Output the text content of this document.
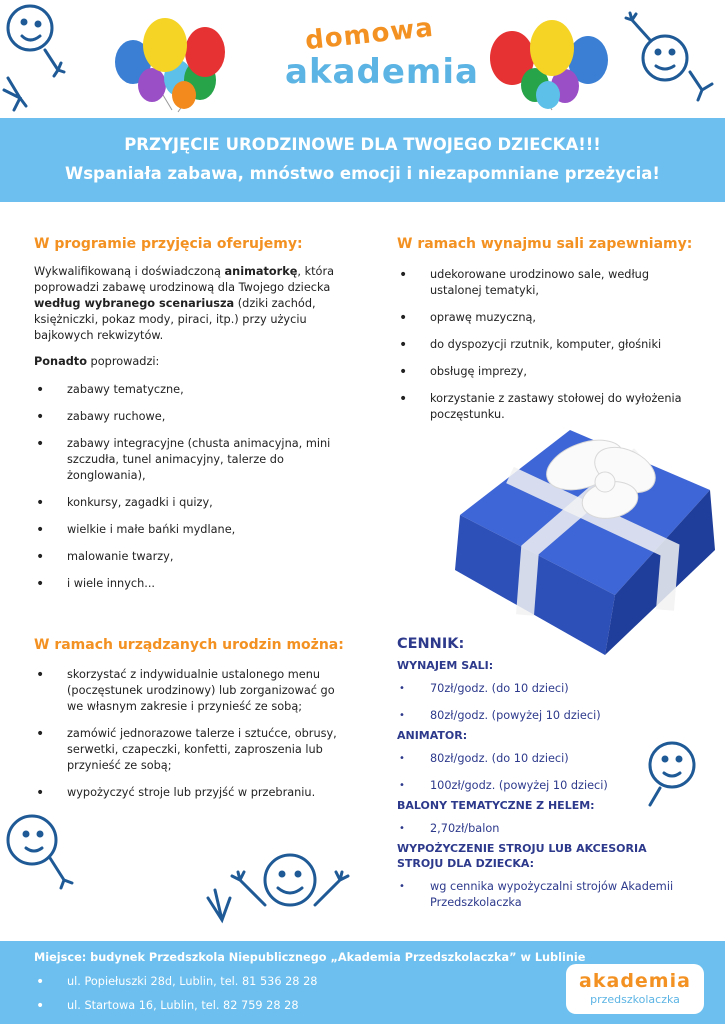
domowa
akademia
PRZYJĘCIE URODZINOWE DLA TWOJEGO DZIECKA!!!
Wspaniała zabawa, mnóstwo emocji i niezapomniane przeżycia!
W programie przyjęcia oferujemy:

Wykwalifikowaną i doświadczoną animatorkę, która poprowadzi zabawę urodzinową dla Twojego dziecka według wybranego scenariusza (dziki zachód, księżniczki, pokaz mody, piraci, itp.) przy użyciu bajkowych rekwizytów.

Ponadto poprowadzi:

• zabawy tematyczne,
• zabawy ruchowe,
• zabawy integracyjne (chusta animacyjna, mini szczudła, tunel animacyjny, talerze do żonglowania),
• konkursy, zagadki i quizy,
• wielkie i małe bańki mydlane,
• malowanie twarzy,
• i wiele innych...
W ramach wynajmu sali zapewniamy:
• udekorowane urodzinowo sale, według ustalonej tematyki,
• oprawę muzyczną,
• do dyspozycji rzutnik, komputer, głośniki
• obsługę imprezy,
• korzystanie z zastawy stołowej do wyłożenia poczęstunku.
W ramach urządzanych urodzin można:
• skorzystać z indywidualnie ustalonego menu (poczęstunek urodzinowy) lub zorganizować go we własnym zakresie i przynieść ze sobą;
• zamówić jednorazowe talerze i sztućce, obrusy, serwetki, czapeczki, konfetti, zaproszenia lub przynieść ze sobą;
• wypożyczyć stroje lub przyjść w przebraniu.
CENNIK:
WYNAJEM SALI:
• 70zł/godz. (do 10 dzieci)
• 80zł/godz. (powyżej 10 dzieci)
ANIMATOR:
• 80zł/godz. (do 10 dzieci)
• 100zł/godz. (powyżej 10 dzieci)
BALONY TEMATYCZNE Z HELEM:
• 2,70zł/balon
WYPOŻYCZENIE STROJU LUB AKCESORIA STROJU DLA DZIECKA:
• wg cennika wypożyczalni strojów Akademii Przedszkolaczka
Miejsce: budynek Przedszkola Niepublicznego „Akademia Przedszkolaczka” w Lublinie
• ul. Popiełuszki 28d, Lublin, tel. 81 536 28 28
• ul. Startowa 16, Lublin, tel. 82 759 28 28
akademia
przedszkolaczka
